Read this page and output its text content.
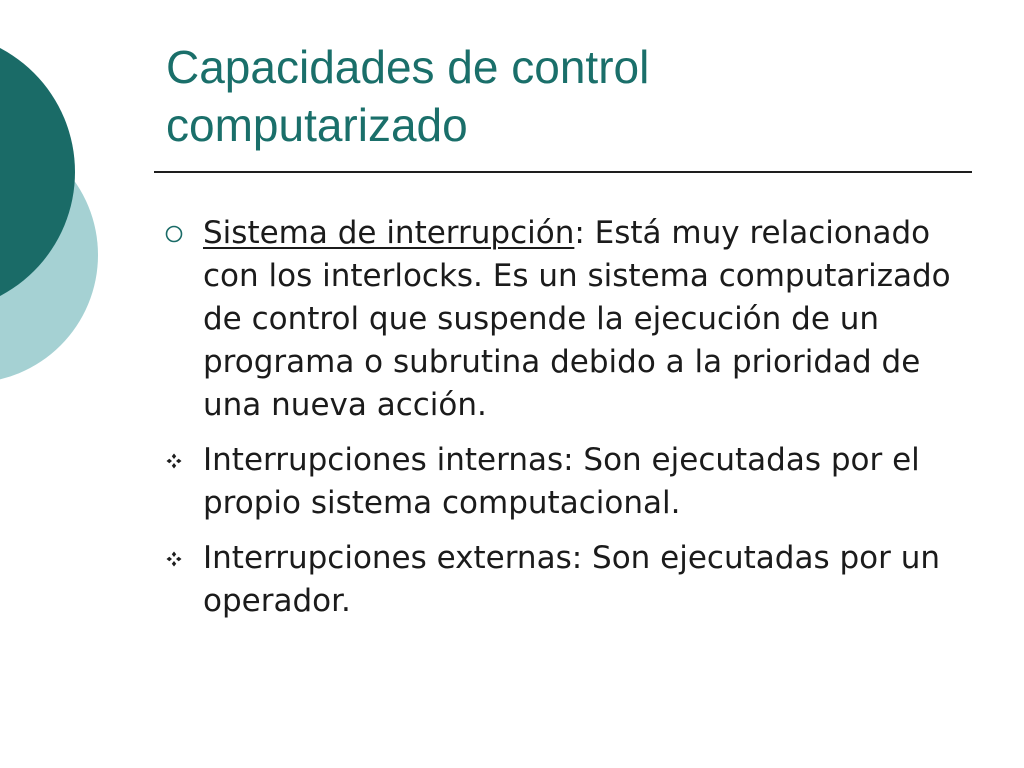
Capacidades de control
computarizado
Sistema de interrupción: Está muy relacionado con los interlocks. Es un sistema computarizado de control que suspende la ejecución de un programa o subrutina debido a la prioridad de una nueva acción.
Interrupciones internas: Son ejecutadas por el propio sistema computacional.
Interrupciones externas: Son ejecutadas por un operador.
